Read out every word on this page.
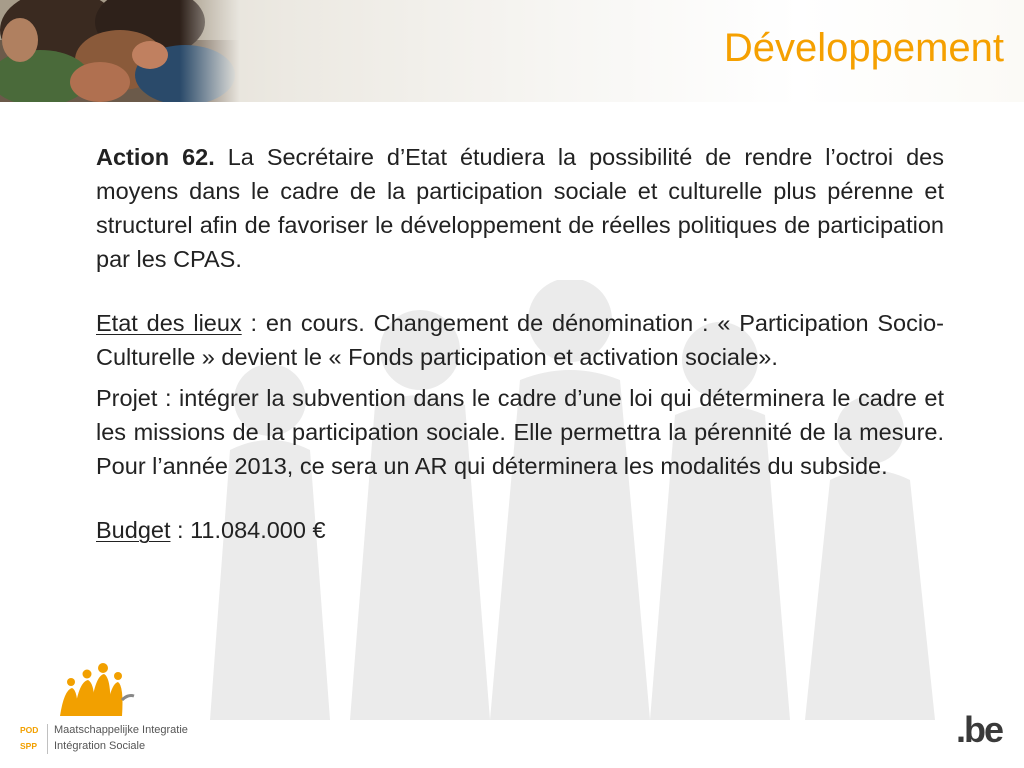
Développement

Action 62. La Secrétaire d’Etat étudiera la possibilité de rendre l’octroi des moyens dans le cadre de la participation sociale et culturelle plus pérenne et structurel afin de favoriser le développement de réelles politiques de participation par les CPAS.

Etat des lieux : en cours. Changement de dénomination : « Participation Socio-Culturelle » devient le « Fonds participation et activation sociale».

Projet : intégrer la subvention dans le cadre d’une loi qui déterminera le cadre et les missions de la participation sociale. Elle permettra la pérennité de la mesure. Pour l’année 2013, ce sera un AR qui déterminera les modalités du subside.

Budget : 11.084.000 €

POD
SPP
Maatschappelijke Integratie
Intégration Sociale	.be
